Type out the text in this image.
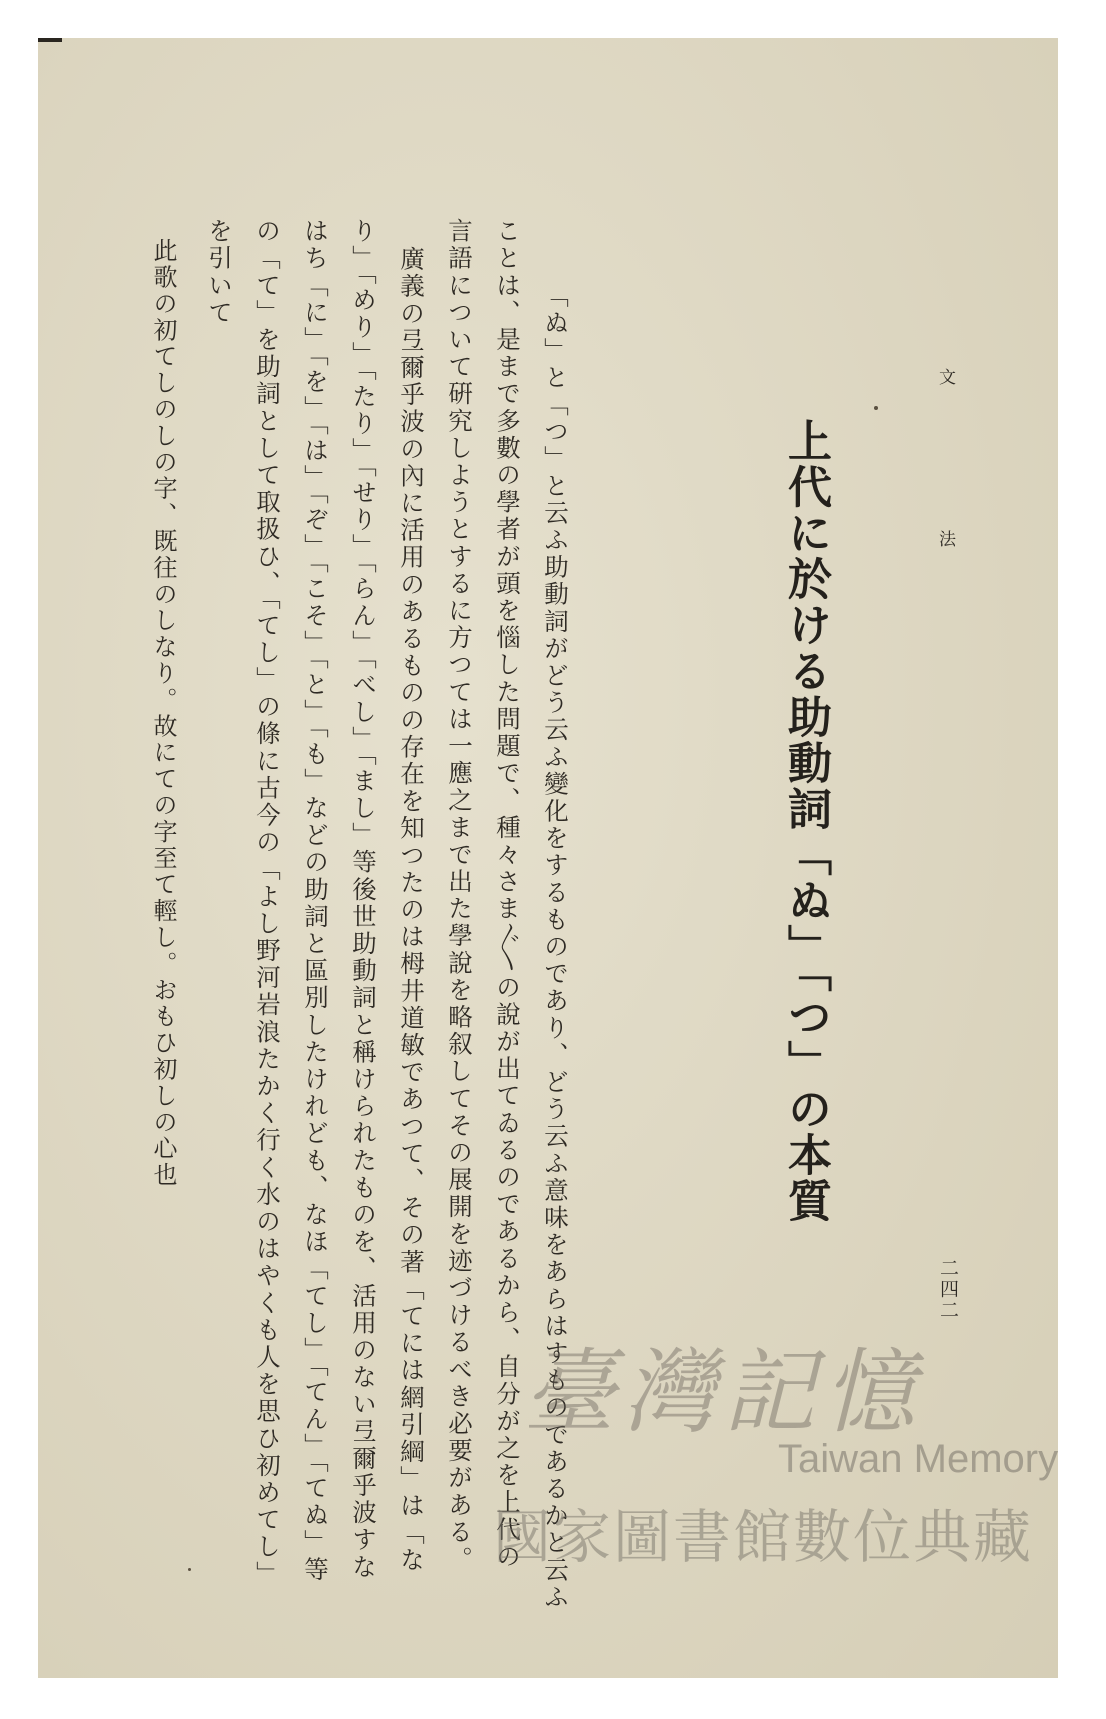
文　法
二四二
上代に於ける助動詞「ぬ」「つ」の本質
「ぬ」と「つ」と云ふ助動詞がどう云ふ變化をするものであり、どう云ふ意味をあらはすものであるかと云ふ
ことは、是まで多數の學者が頭を惱した問題で、種々さま〴〵の說が出てゐるのであるから、自分が之を上代の
言語について硏究しようとするに方つては一應之まで出た學說を略叙してその展開を迹づけるべき必要がある。
廣義の弖爾乎波の內に活用のあるものの存在を知つたのは栂井道敏であつて、その著「てには網引綱」は「な
り」「めり」「たり」「せり」「らん」「べし」「まし」等後世助動詞と稱けられたものを、活用のない弖爾乎波すな
はち「に」「を」「は」「ぞ」「こそ」「と」「も」などの助詞と區別したけれども、なほ「てし」「てん」「てぬ」等
の「て」を助詞として取扱ひ、「てし」の條に古今の「よし野河岩浪たかく行く水のはやくも人を思ひ初めてし」
を引いて
此歌の初てしのしの字、既往のしなり。故にての字至て輕し。おもひ初しの心也
臺灣記憶
Taiwan Memory
國家圖書館數位典藏
